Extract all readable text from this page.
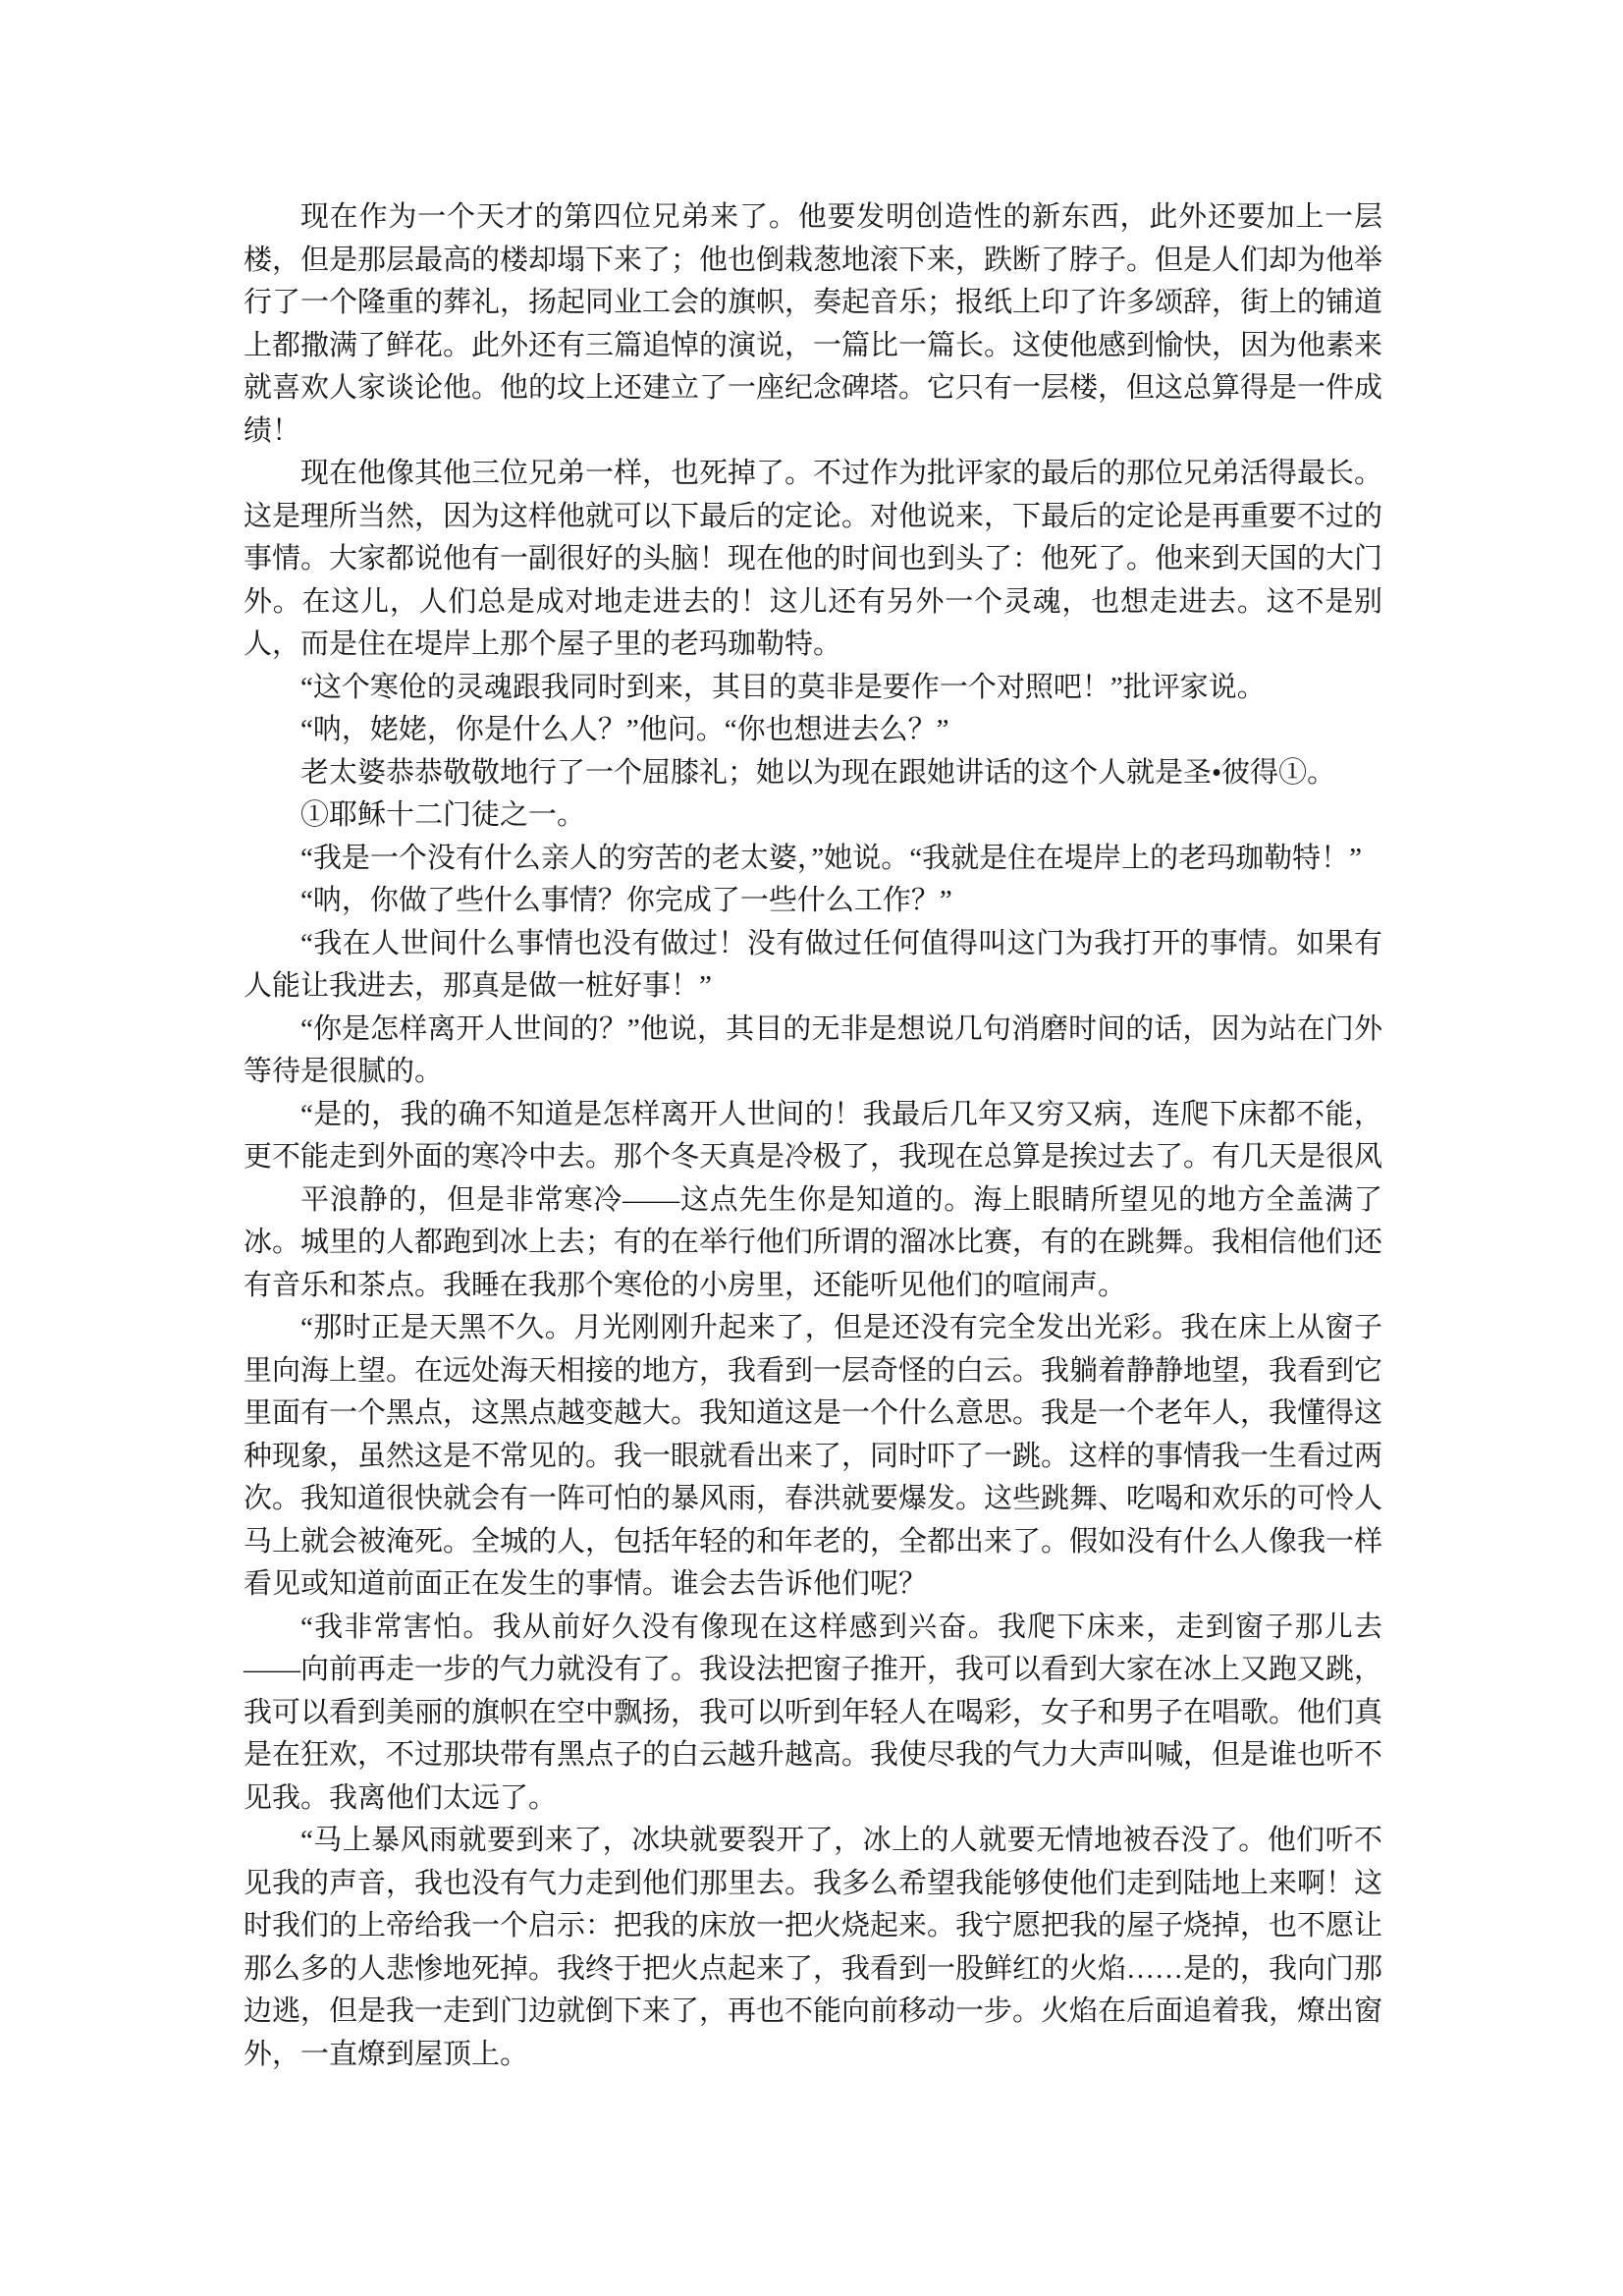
现在作为一个天才的第四位兄弟来了。他要发明创造性的新东西，此外还要加上一层楼，但是那层最高的楼却塌下来了；他也倒栽葱地滚下来，跌断了脖子。但是人们却为他举行了一个隆重的葬礼，扬起同业工会的旗帜，奏起音乐；报纸上印了许多颂辞，街上的铺道上都撒满了鲜花。此外还有三篇追悼的演说，一篇比一篇长。这使他感到愉快，因为他素来就喜欢人家谈论他。他的坟上还建立了一座纪念碑塔。它只有一层楼，但这总算得是一件成绩！

现在他像其他三位兄弟一样，也死掉了。不过作为批评家的最后的那位兄弟活得最长。这是理所当然，因为这样他就可以下最后的定论。对他说来，下最后的定论是再重要不过的事情。大家都说他有一副很好的头脑！现在他的时间也到头了：他死了。他来到天国的大门外。在这儿，人们总是成对地走进去的！这儿还有另外一个灵魂，也想走进去。这不是别人，而是住在堤岸上那个屋子里的老玛珈勒特。

“这个寒伧的灵魂跟我同时到来，其目的莫非是要作一个对照吧！”批评家说。

“呐，姥姥，你是什么人？”他问。“你也想进去么？”

老太婆恭恭敬敬地行了一个屈膝礼；她以为现在跟她讲话的这个人就是圣•彼得①。

①耶稣十二门徒之一。

“我是一个没有什么亲人的穷苦的老太婆，”她说。“我就是住在堤岸上的老玛珈勒特！”

“呐，你做了些什么事情？你完成了一些什么工作？”

“我在人世间什么事情也没有做过！没有做过任何值得叫这门为我打开的事情。如果有人能让我进去，那真是做一桩好事！”

“你是怎样离开人世间的？”他说，其目的无非是想说几句消磨时间的话，因为站在门外等待是很腻的。

“是的，我的确不知道是怎样离开人世间的！我最后几年又穷又病，连爬下床都不能，更不能走到外面的寒冷中去。那个冬天真是冷极了，我现在总算是挨过去了。有几天是很风

平浪静的，但是非常寒冷——这点先生你是知道的。海上眼睛所望见的地方全盖满了冰。城里的人都跑到冰上去；有的在举行他们所谓的溜冰比赛，有的在跳舞。我相信他们还有音乐和茶点。我睡在我那个寒伧的小房里，还能听见他们的喧闹声。

“那时正是天黑不久。月光刚刚升起来了，但是还没有完全发出光彩。我在床上从窗子里向海上望。在远处海天相接的地方，我看到一层奇怪的白云。我躺着静静地望，我看到它里面有一个黑点，这黑点越变越大。我知道这是一个什么意思。我是一个老年人，我懂得这种现象，虽然这是不常见的。我一眼就看出来了，同时吓了一跳。这样的事情我一生看过两次。我知道很快就会有一阵可怕的暴风雨，春洪就要爆发。这些跳舞、吃喝和欢乐的可怜人马上就会被淹死。全城的人，包括年轻的和年老的，全都出来了。假如没有什么人像我一样看见或知道前面正在发生的事情。谁会去告诉他们呢？

“我非常害怕。我从前好久没有像现在这样感到兴奋。我爬下床来，走到窗子那儿去——向前再走一步的气力就没有了。我设法把窗子推开，我可以看到大家在冰上又跑又跳，我可以看到美丽的旗帜在空中飘扬，我可以听到年轻人在喝彩，女子和男子在唱歌。他们真是在狂欢，不过那块带有黑点子的白云越升越高。我使尽我的气力大声叫喊，但是谁也听不见我。我离他们太远了。

“马上暴风雨就要到来了，冰块就要裂开了，冰上的人就要无情地被吞没了。他们听不见我的声音，我也没有气力走到他们那里去。我多么希望我能够使他们走到陆地上来啊！这时我们的上帝给我一个启示：把我的床放一把火烧起来。我宁愿把我的屋子烧掉，也不愿让那么多的人悲惨地死掉。我终于把火点起来了，我看到一股鲜红的火焰……是的，我向门那边逃，但是我一走到门边就倒下来了，再也不能向前移动一步。火焰在后面追着我，燎出窗外，一直燎到屋顶上。
